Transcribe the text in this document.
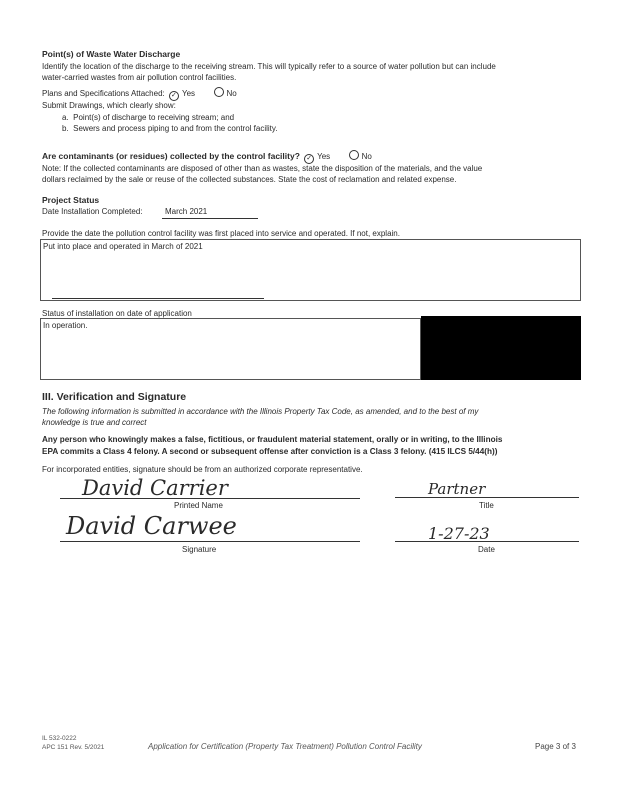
Point(s) of Waste Water Discharge
Identify the location of the discharge to the receiving stream. This will typically refer to a source of water pollution but can include
water-carried wastes from air pollution control facilities.
Plans and Specifications Attached: ✓ Yes	No
Submit Drawings, which clearly show:
a. Point(s) of discharge to receiving stream; and
b. Sewers and process piping to and from the control facility.
Are contaminants (or residues) collected by the control facility? ✓ Yes	No
Note: If the collected contaminants are disposed of other than as wastes, state the disposition of the materials, and the value
dollars reclaimed by the sale or reuse of the collected substances. State the cost of reclamation and related expense.
Project Status
Date Installation Completed:	March 2021
Provide the date the pollution control facility was first placed into service and operated. If not, explain.
Put into place and operated in March of 2021
Status of installation on date of application
In operation.
III. Verification and Signature
The following information is submitted in accordance with the Illinois Property Tax Code, as amended, and to the best of my
knowledge is true and correct
Any person who knowingly makes a false, fictitious, or fraudulent material statement, orally or in writing, to the Illinois
EPA commits a Class 4 felony. A second or subsequent offense after conviction is a Class 3 felony. (415 ILCS 5/44(h))
For incorporated entities, signature should be from an authorized corporate representative.
David Carrier
Printed Name
Partner
Title
David Carwee
Signature
1-27-23
Date
IL 532-0222
APC 151 Rev. 5/2021	Application for Certification (Property Tax Treatment) Pollution Control Facility	Page 3 of 3
